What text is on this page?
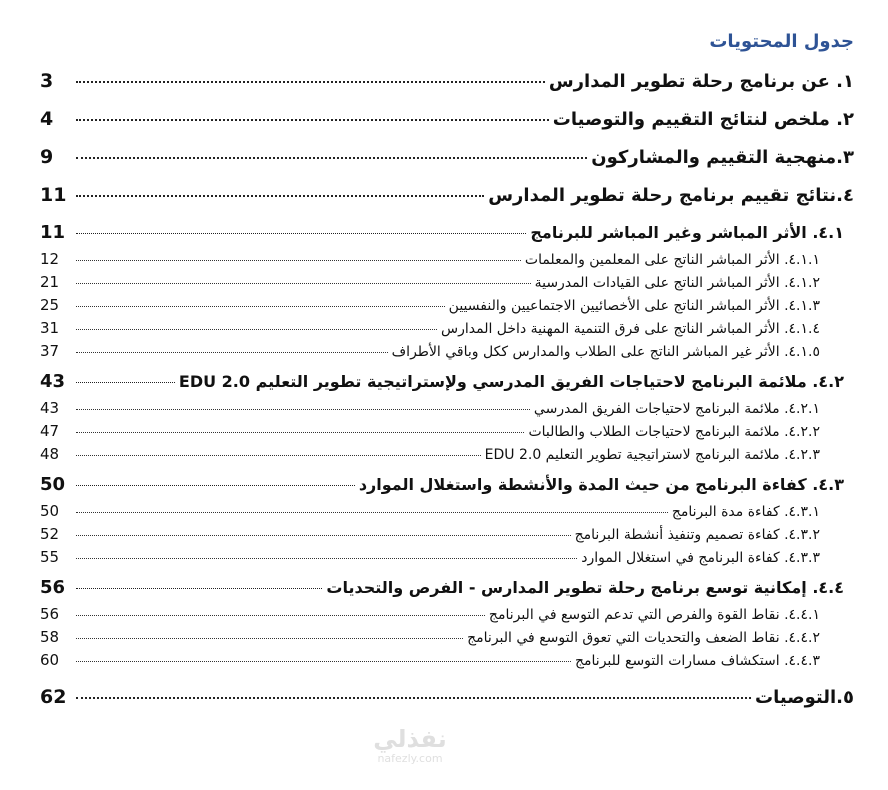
جدول المحتويات
١. عن برنامج رحلة تطوير المدارس
3
٢. ملخص لنتائج التقييم والتوصيات
4
٣.منهجية التقييم والمشاركون
9
٤.نتائج تقييم برنامج رحلة تطوير المدارس
11
٤.١. الأثر المباشر وغير المباشر للبرنامج
11
٤.١.١. الأثر المباشر الناتج على المعلمين والمعلمات
12
٤.١.٢. الأثر المباشر الناتج على القيادات المدرسية
21
٤.١.٣. الأثر المباشر الناتج على الأخصائيين الاجتماعيين والنفسيين
25
٤.١.٤. الأثر المباشر الناتج على فرق التنمية المهنية داخل المدارس
31
٤.١.٥. الأثر غير المباشر الناتج على الطلاب والمدارس ككل وباقي الأطراف
37
٤.٢. ملائمة البرنامج لاحتياجات الفريق المدرسي ولإستراتيجية تطوير التعليم EDU 2.0
43
٤.٢.١. ملائمة البرنامج لاحتياجات الفريق المدرسي
43
٤.٢.٢. ملائمة البرنامج لاحتياجات الطلاب والطالبات
47
٤.٢.٣. ملائمة البرنامج لاستراتيجية تطوير التعليم EDU 2.0
48
٤.٣. كفاءة البرنامج من حيث المدة والأنشطة واستغلال الموارد
50
٤.٣.١. كفاءة مدة البرنامج
50
٤.٣.٢. كفاءة تصميم وتنفيذ أنشطة البرنامج
52
٤.٣.٣. كفاءة البرنامج في استغلال الموارد
55
٤.٤. إمكانية توسع برنامج رحلة تطوير المدارس - الفرص والتحديات
56
٤.٤.١. نقاط القوة والفرص التي تدعم التوسع في البرنامج
56
٤.٤.٢. نقاط الضعف والتحديات التي تعوق التوسع في البرنامج
58
٤.٤.٣. استكشاف مسارات التوسع للبرنامج
60
٥.التوصيات
62
نفذلي
nafezly.com
